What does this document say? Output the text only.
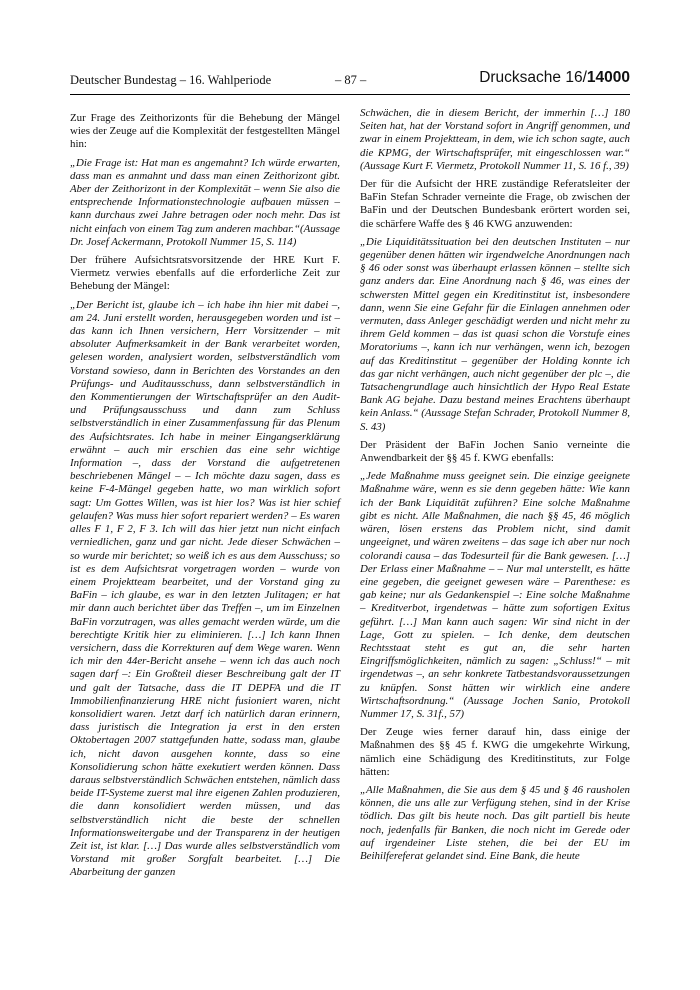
Deutscher Bundestag – 16. Wahlperiode	– 87 –	Drucksache 16/14000

Zur Frage des Zeithorizonts für die Behebung der Mängel wies der Zeuge auf die Komplexität der festgestellten Mängel hin:

„Die Frage ist: Hat man es angemahnt? Ich würde erwarten, dass man es anmahnt und dass man einen Zeithorizont gibt. Aber der Zeithorizont in der Komplexität – wenn Sie also die entsprechende Informationstechnologie aufbauen müssen – kann durchaus zwei Jahre betragen oder noch mehr. Das ist nicht einfach von einem Tag zum anderen machbar.“(Aussage Dr. Josef Ackermann, Protokoll Nummer 15, S. 114)

Der frühere Aufsichtsratsvorsitzende der HRE Kurt F. Viermetz verwies ebenfalls auf die erforderliche Zeit zur Behebung der Mängel:

„Der Bericht ist, glaube ich – ich habe ihn hier mit dabei –, am 24. Juni erstellt worden, herausgegeben worden und ist – das kann ich Ihnen versichern, Herr Vorsitzender – mit absoluter Aufmerksamkeit in der Bank verarbeitet worden, gelesen worden, analysiert worden, selbstverständlich vom Vorstand sowieso, dann in Berichten des Vorstandes an den Prüfungs- und Auditausschuss, dann selbstverständlich in den Kommentierungen der Wirtschaftsprüfer an den Audit- und Prüfungsausschuss und dann zum Schluss selbstverständlich in einer Zusammenfassung für das Plenum des Aufsichtsrates. Ich habe in meiner Eingangserklärung erwähnt – auch mir erschien das eine sehr wichtige Information –, dass der Vorstand die aufgetretenen beschriebenen Mängel – – Ich möchte dazu sagen, dass es keine F-4-Mängel gegeben hatte, wo man wirklich sofort sagt: Um Gottes Willen, was ist hier los? Was ist hier schief gelaufen? Was muss hier sofort repariert werden? – Es waren alles F 1, F 2, F 3. Ich will das hier jetzt nun nicht einfach verniedlichen, ganz und gar nicht. Jede dieser Schwächen – so wurde mir berichtet; so weiß ich es aus dem Ausschuss; so ist es dem Aufsichtsrat vorgetragen worden – wurde von einem Projektteam bearbeitet, und der Vorstand ging zu BaFin – ich glaube, es war in den letzten Julitagen; er hat mir dann auch berichtet über das Treffen –, um im Einzelnen BaFin vorzutragen, was alles gemacht werden würde, um die berechtigte Kritik hier zu eliminieren. […] Ich kann Ihnen versichern, dass die Korrekturen auf dem Wege waren. Wenn ich mir den 44er-Bericht ansehe – wenn ich das auch noch sagen darf –: Ein Großteil dieser Beschreibung galt der IT und galt der Tatsache, dass die IT DEPFA und die IT Immobilienfinanzierung HRE nicht fusioniert waren, nicht konsolidiert waren. Jetzt darf ich natürlich daran erinnern, dass juristisch die Integration ja erst in den ersten Oktobertagen 2007 stattgefunden hatte, sodass man, glaube ich, nicht davon ausgehen konnte, dass so eine Konsolidierung schon hätte exekutiert werden können. Dass daraus selbstverständlich Schwächen entstehen, nämlich dass beide IT-Systeme zuerst mal ihre eigenen Zahlen produzieren, die dann konsolidiert werden müssen, und das selbstverständlich nicht die beste der schnellen Informationsweitergabe und der Transparenz in der heutigen Zeit ist, ist klar. […] Das wurde alles selbstverständlich vom Vorstand mit großer Sorgfalt bearbeitet. […] Die Abarbeitung der ganzen

Schwächen, die in diesem Bericht, der immerhin […] 180 Seiten hat, hat der Vorstand sofort in Angriff genommen, und zwar in einem Projektteam, in dem, wie ich schon sagte, auch die KPMG, der Wirtschaftsprüfer, mit eingeschlossen war.“ (Aussage Kurt F. Viermetz, Protokoll Nummer 11, S. 16 f., 39)

Der für die Aufsicht der HRE zuständige Referatsleiter der BaFin Stefan Schrader verneinte die Frage, ob zwischen der BaFin und der Deutschen Bundesbank erörtert worden sei, die schärfere Waffe des § 46 KWG anzuwenden:

„Die Liquiditätssituation bei den deutschen Instituten – nur gegenüber denen hätten wir irgendwelche Anordnungen nach § 46 oder sonst was überhaupt erlassen können – stellte sich ganz anders dar. Eine Anordnung nach § 46, was eines der schwersten Mittel gegen ein Kreditinstitut ist, insbesondere dann, wenn Sie eine Gefahr für die Einlagen annehmen oder vermuten, dass Anleger geschädigt werden und nicht mehr zu ihrem Geld kommen – das ist quasi schon die Vorstufe eines Moratoriums –, kann ich nur verhängen, wenn ich, bezogen auf das Kreditinstitut – gegenüber der Holding konnte ich das gar nicht verhängen, auch nicht gegenüber der plc –, die Tatsachengrundlage auch hinsichtlich der Hypo Real Estate Bank AG bejahe. Dazu bestand meines Erachtens überhaupt kein Anlass.“ (Aussage Stefan Schrader, Protokoll Nummer 8, S. 43)

Der Präsident der BaFin Jochen Sanio verneinte die Anwendbarkeit der §§ 45 f. KWG ebenfalls:

„Jede Maßnahme muss geeignet sein. Die einzige geeignete Maßnahme wäre, wenn es sie denn gegeben hätte: Wie kann ich der Bank Liquidität zuführen? Eine solche Maßnahme gibt es nicht. Alle Maßnahmen, die nach §§ 45, 46 möglich wären, lösen erstens das Problem nicht, sind damit ungeeignet, und wären zweitens – das sage ich aber nur noch colorandi causa – das Todesurteil für die Bank gewesen. […] Der Erlass einer Maßnahme – – Nur mal unterstellt, es hätte eine gegeben, die geeignet gewesen wäre – Parenthese: es gab keine; nur als Gedankenspiel –: Eine solche Maßnahme – Kreditverbot, irgendetwas – hätte zum sofortigen Exitus geführt. […] Man kann auch sagen: Wir sind nicht in der Lage, Gott zu spielen. – Ich denke, dem deutschen Rechtsstaat steht es gut an, die sehr harten Eingriffsmöglichkeiten, nämlich zu sagen: „Schluss!“ – mit irgendetwas –, an sehr konkrete Tatbestandsvoraussetzungen zu knüpfen. Sonst hätten wir wirklich eine andere Wirtschaftsordnung.“ (Aussage Jochen Sanio, Protokoll Nummer 17, S. 31f., 57)

Der Zeuge wies ferner darauf hin, dass einige der Maßnahmen des §§ 45 f. KWG die umgekehrte Wirkung, nämlich eine Schädigung des Kreditinstituts, zur Folge hätten:

„Alle Maßnahmen, die Sie aus dem § 45 und § 46 rausholen können, die uns alle zur Verfügung stehen, sind in der Krise tödlich. Das gilt bis heute noch. Das gilt partiell bis heute noch, jedenfalls für Banken, die noch nicht im Gerede oder auf irgendeiner Liste stehen, die bei der EU im Beihilfereferat gelandet sind. Eine Bank, die heute
